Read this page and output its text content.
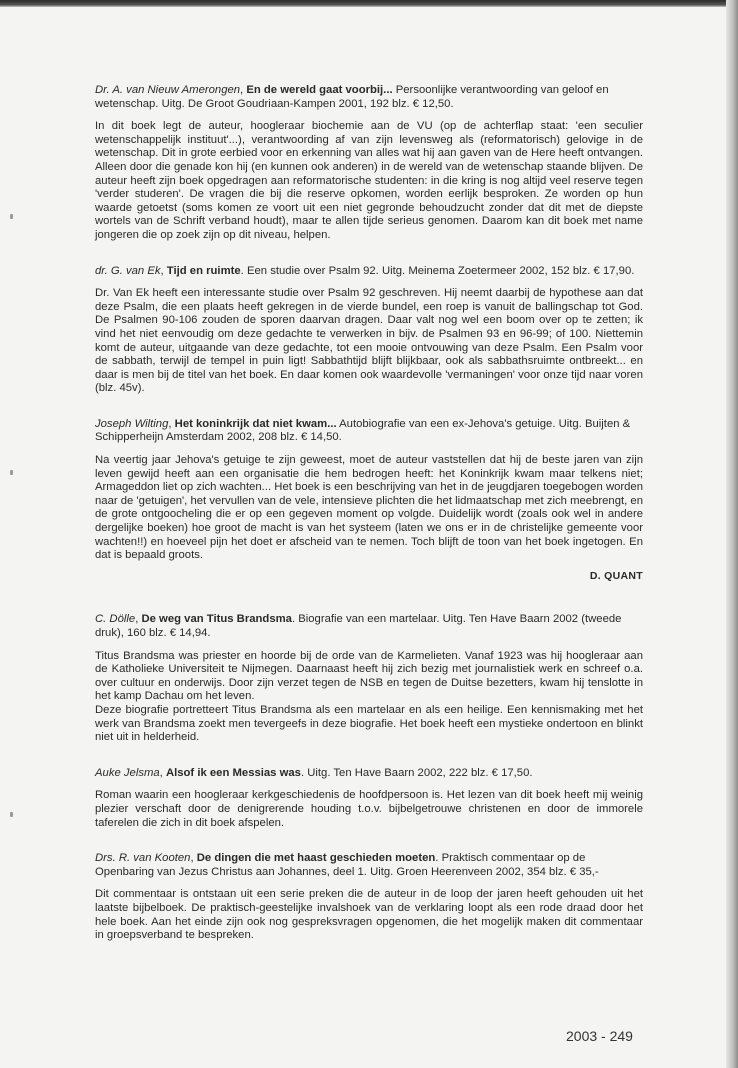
Dr. A. van Nieuw Amerongen, En de wereld gaat voorbij... Persoonlijke verantwoording van geloof en wetenschap. Uitg. De Groot Goudriaan-Kampen 2001, 192 blz. € 12,50.

In dit boek legt de auteur, hoogleraar biochemie aan de VU (op de achterflap staat: 'een seculier wetenschappelijk instituut'...), verantwoording af van zijn levensweg als (reformatorisch) gelovige in de wetenschap. Dit in grote eerbied voor en erkenning van alles wat hij aan gaven van de Here heeft ontvangen. Alleen door die genade kon hij (en kunnen ook anderen) in de wereld van de wetenschap staande blijven. De auteur heeft zijn boek opgedragen aan reformatorische studenten: in die kring is nog altijd veel reserve tegen 'verder studeren'. De vragen die bij die reserve opkomen, worden eerlijk besproken. Ze worden op hun waarde getoetst (soms komen ze voort uit een niet gegronde behoudzucht zonder dat dit met de diepste wortels van de Schrift verband houdt), maar te allen tijde serieus genomen. Daarom kan dit boek met name jongeren die op zoek zijn op dit niveau, helpen.

dr. G. van Ek, Tijd en ruimte. Een studie over Psalm 92. Uitg. Meinema Zoetermeer 2002, 152 blz. € 17,90.

Dr. Van Ek heeft een interessante studie over Psalm 92 geschreven. Hij neemt daarbij de hypothese aan dat deze Psalm, die een plaats heeft gekregen in de vierde bundel, een roep is vanuit de ballingschap tot God. De Psalmen 90-106 zouden de sporen daarvan dragen. Daar valt nog wel een boom over op te zetten; ik vind het niet eenvoudig om deze gedachte te verwerken in bijv. de Psalmen 93 en 96-99; of 100. Niettemin komt de auteur, uitgaande van deze gedachte, tot een mooie ontvouwing van deze Psalm. Een Psalm voor de sabbath, terwijl de tempel in puin ligt! Sabbathtijd blijft blijkbaar, ook als sabbathsruimte ontbreekt... en daar is men bij de titel van het boek. En daar komen ook waardevolle 'vermaningen' voor onze tijd naar voren (blz. 45v).

Joseph Wilting, Het koninkrijk dat niet kwam... Autobiografie van een ex-Jehova's getuige. Uitg. Buijten & Schipperheijn Amsterdam 2002, 208 blz. € 14,50.

Na veertig jaar Jehova's getuige te zijn geweest, moet de auteur vaststellen dat hij de beste jaren van zijn leven gewijd heeft aan een organisatie die hem bedrogen heeft: het Koninkrijk kwam maar telkens niet; Armageddon liet op zich wachten... Het boek is een beschrijving van het in de jeugdjaren toegebogen worden naar de 'getuigen', het vervullen van de vele, intensieve plichten die het lidmaatschap met zich meebrengt, en de grote ontgoocheling die er op een gegeven moment op volgde. Duidelijk wordt (zoals ook wel in andere dergelijke boeken) hoe groot de macht is van het systeem (laten we ons er in de christelijke gemeente voor wachten!!) en hoeveel pijn het doet er afscheid van te nemen. Toch blijft de toon van het boek ingetogen. En dat is bepaald groots.

D. QUANT

C. Dölle, De weg van Titus Brandsma. Biografie van een martelaar. Uitg. Ten Have Baarn 2002 (tweede druk), 160 blz. € 14,94.

Titus Brandsma was priester en hoorde bij de orde van de Karmelieten. Vanaf 1923 was hij hoogleraar aan de Katholieke Universiteit te Nijmegen. Daarnaast heeft hij zich bezig met journalistiek werk en schreef o.a. over cultuur en onderwijs. Door zijn verzet tegen de NSB en tegen de Duitse bezetters, kwam hij tenslotte in het kamp Dachau om het leven.

Deze biografie portretteert Titus Brandsma als een martelaar en als een heilige. Een kennismaking met het werk van Brandsma zoekt men tevergeefs in deze biografie. Het boek heeft een mystieke ondertoon en blinkt niet uit in helderheid.

Auke Jelsma, Alsof ik een Messias was. Uitg. Ten Have Baarn 2002, 222 blz. € 17,50.

Roman waarin een hoogleraar kerkgeschiedenis de hoofdpersoon is. Het lezen van dit boek heeft mij weinig plezier verschaft door de denigrerende houding t.o.v. bijbelgetrouwe christenen en door de immorele taferelen die zich in dit boek afspelen.

Drs. R. van Kooten, De dingen die met haast geschieden moeten. Praktisch commentaar op de Openbaring van Jezus Christus aan Johannes, deel 1. Uitg. Groen Heerenveen 2002, 354 blz. € 35,-

Dit commentaar is ontstaan uit een serie preken die de auteur in de loop der jaren heeft gehouden uit het laatste bijbelboek. De praktisch-geestelijke invalshoek van de verklaring loopt als een rode draad door het hele boek. Aan het einde zijn ook nog gespreksvragen opgenomen, die het mogelijk maken dit commentaar in groepsverband te bespreken.

2003 - 249
